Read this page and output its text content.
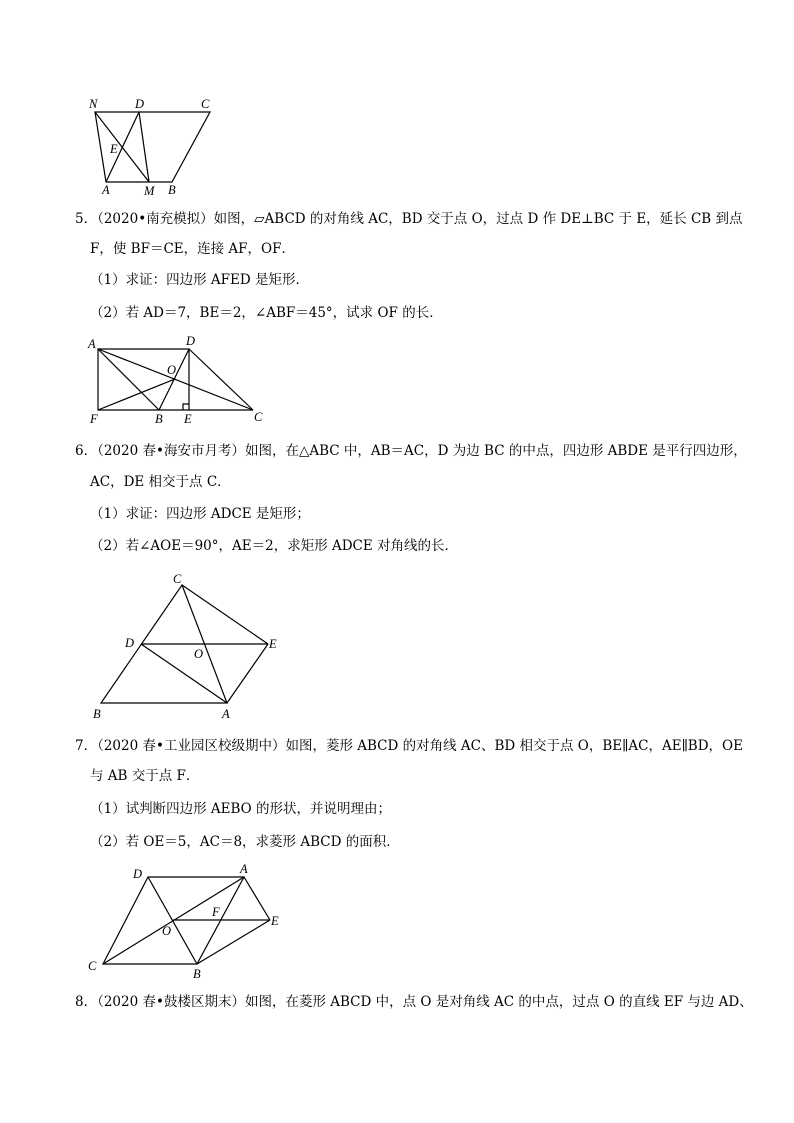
N	D	C
E
A	M B
5．（2020•南充模拟）如图，▱ABCD 的对角线 AC，BD 交于点 O，过点 D 作 DE⊥BC 于 E，延长 CB 到点
F，使 BF＝CE，连接 AF，OF．
（1）求证：四边形 AFED 是矩形．
（2）若 AD＝7，BE＝2，∠ABF＝45°，试求 OF 的长．
A	D
O
F	B E	C
6．（2020 春•海安市月考）如图，在△ABC 中，AB＝AC，D 为边 BC 的中点，四边形 ABDE 是平行四边形，
AC，DE 相交于点 C．
（1）求证：四边形 ADCE 是矩形；
（2）若∠AOE＝90°，AE＝2，求矩形 ADCE 对角线的长．
C
D
O
E
B	A
7．（2020 春•工业园区校级期中）如图，菱形 ABCD 的对角线 AC、BD 相交于点 O，BE∥AC，AE∥BD，OE
与 AB 交于点 F．
（1）试判断四边形 AEBO 的形状，并说明理由；
（2）若 OE＝5，AC＝8，求菱形 ABCD 的面积．
D	A
F
E
O
C
B
8．（2020 春•鼓楼区期末）如图，在菱形 ABCD 中，点 O 是对角线 AC 的中点，过点 O 的直线 EF 与边 AD、
